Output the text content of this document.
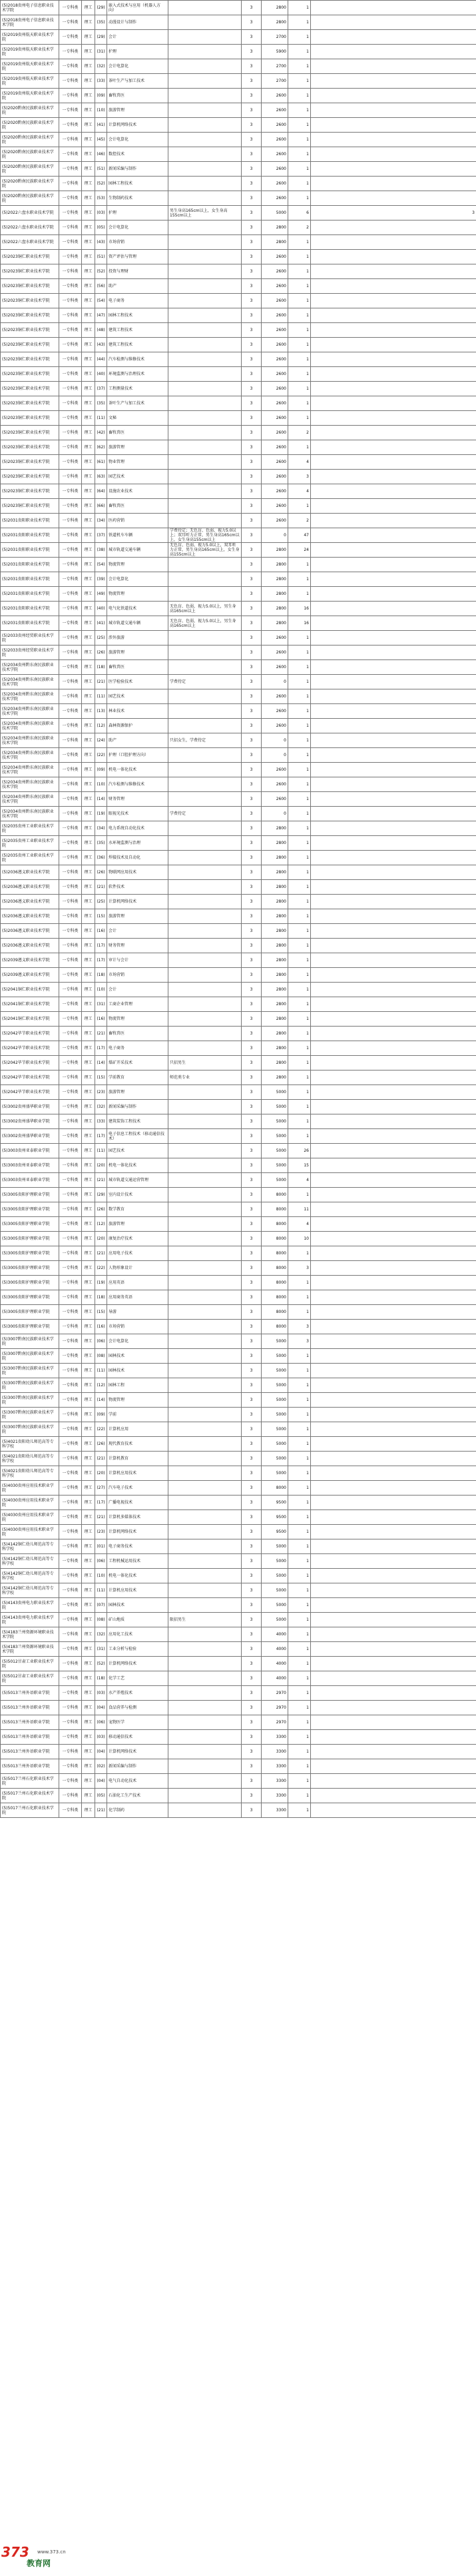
(5)2018贵州电子信息职业技术学院	一专科类	理工	(29)	嵌入式技术与应用（机器人方向）		3	2800	1	
(5)2018贵州电子信息职业技术学院	一专科类	理工	(35)	动漫设计与制作		3	2800	1	
(5)2019贵州航天职业技术学院	一专科类	理工	(29)	会计		3	2700	1	
(5)2019贵州航天职业技术学院	一专科类	理工	(31)	护理		3	5900	1	
(5)2019贵州航天职业技术学院	一专科类	理工	(32)	会计电算化		3	2700	1	
(5)2019贵州航天职业技术学院	一专科类	理工	(33)	茶叶生产与加工技术		3	2700	1	
(5)2019贵州航天职业技术学院	一专科类	理工	(09)	畜牧兽医		3	2600	1	
(5)2020黔南民族职业技术学院	一专科类	理工	(10)	旅游管理		3	2600	1	
(5)2020黔南民族职业技术学院	一专科类	理工	(41)	计算机网络技术		3	2600	1	
(5)2020黔南民族职业技术学院	一专科类	理工	(45)	会计电算化		3	2600	1	
(5)2020黔南民族职业技术学院	一专科类	理工	(46)	数控技术		3	2600	1	
(5)2020黔南民族职业技术学院	一专科类	理工	(51)	新闻采编与制作		3	2600	1	
(5)2020黔南民族职业技术学院	一专科类	理工	(52)	园林工程技术		3	2600	1	
(5)2020黔南民族职业技术学院	一专科类	理工	(53)	生物制药技术		3	2600	1	
(5)2022六盘水职业技术学院	一专科类	理工	(03)	护理	男生身高165cm以上，女生身高155cm以上	3	5000	6	3
(5)2022六盘水职业技术学院	一专科类	理工	(05)	会计电算化		3	2800	2	
(5)2022六盘水职业技术学院	一专科类	理工	(43)	市场营销		3	2800	1	
(5)2023铜仁职业技术学院	一专科类	理工	(51)	资产评估与管理		3	2600	1	
(5)2023铜仁职业技术学院	一专科类	理工	(52)	投资与理财		3	2600	1	
(5)2023铜仁职业技术学院	一专科类	理工	(56)	助产		3	2600	1	
(5)2023铜仁职业技术学院	一专科类	理工	(54)	电子商务		3	2600	1	
(5)2023铜仁职业技术学院	一专科类	理工	(47)	园林工程技术		3	2600	1	
(5)2023铜仁职业技术学院	一专科类	理工	(48)	建筑工程技术		3	2600	1	
(5)2023铜仁职业技术学院	一专科类	理工	(43)	建筑工程技术		3	2600	1	
(5)2023铜仁职业技术学院	一专科类	理工	(44)	汽车检测与维修技术		3	2600	1	
(5)2023铜仁职业技术学院	一专科类	理工	(40)	环境监测与治理技术		3	2600	1	
(5)2023铜仁职业技术学院	一专科类	理工	(37)	工程测量技术		3	2600	1	
(5)2023铜仁职业技术学院	一专科类	理工	(35)	茶叶生产与加工技术		3	2600	1	
(5)2023铜仁职业技术学院	一专科类	理工	(11)	文秘		3	2600	1	
(5)2023铜仁职业技术学院	一专科类	理工	(42)	畜牧兽医		3	2600	2	
(5)2023铜仁职业技术学院	一专科类	理工	(62)	旅游管理		3	2600	1	
(5)2023铜仁职业技术学院	一专科类	理工	(61)	物业管理		3	2600	4	
(5)2023铜仁职业技术学院	一专科类	理工	(63)	园艺技术		3	2600	3	
(5)2023铜仁职业技术学院	一专科类	理工	(64)	设施农业技术		3	2600	4	
(5)2023铜仁职业技术学院	一专科类	理工	(66)	畜牧兽医		3	2600	1	
(5)2031贵阳职业技术学院	一专科类	理工	(34)	医药营销		3	2600	2	
(5)2031贵阳职业技术学院	一专科类	理工	(37)	铁道机车车辆	学费待定；无色盲、色弱，视力5.0以上；双耳听力正常，男生身高165cm以上，女生身高155cm以上	3	0	47	
(5)2031贵阳职业技术学院	一专科类	理工	(38)	城市轨道交通车辆	无色盲、色弱，视力5.0以上，双耳听力正常，男生身高165cm以上，女生身高155cm以上	3	2800	24	
(5)2031贵阳职业技术学院	一专科类	理工	(54)	物流管理		3	2800	1	
(5)2031贵阳职业技术学院	一专科类	理工	(39)	会计电算化		3	2800	1	
(5)2031贵阳职业技术学院	一专科类	理工	(49)	物流管理		3	2800	1	
(5)2031贵阳职业技术学院	一专科类	理工	(40)	电气化铁道技术	无色盲、色弱，视力5.0以上，男生身高165cm以上	3	2800	16	
(5)2031贵阳职业技术学院	一专科类	理工	(41)	城市轨道交通车辆	无色盲、色弱，视力5.0以上，男生身高165cm以上	3	2800	16	
(5)2033贵州经贸职业技术学院	一专科类	理工	(25)	涉外旅游		3	2600	1	
(5)2033贵州经贸职业技术学院	一专科类	理工	(26)	旅游管理		3	2600	1	
(5)2034贵州黔东南民族职业技术学院	一专科类	理工	(18)	畜牧兽医		3	2600	1	
(5)2034贵州黔东南民族职业技术学院	一专科类	理工	(21)	医学检验技术	学费待定	3	0	1	
(5)2034贵州黔东南民族职业技术学院	一专科类	理工	(11)	园艺技术		3	2600	1	
(5)2034贵州黔东南民族职业技术学院	一专科类	理工	(13)	林业技术		3	2600	1	
(5)2034贵州黔东南民族职业技术学院	一专科类	理工	(12)	森林资源保护		3	2600	1	
(5)2034贵州黔东南民族职业技术学院	一专科类	理工	(24)	助产	只招女生，学费待定	3	0	1	
(5)2034贵州黔东南民族职业技术学院	一专科类	理工	(22)	护理（口腔护理方向）		3	0	1	
(5)2034贵州黔东南民族职业技术学院	一专科类	理工	(09)	机电一体化技术		3	2600	1	
(5)2034贵州黔东南民族职业技术学院	一专科类	理工	(10)	汽车检测与维修技术		3	2600	1	
(5)2034贵州黔东南民族职业技术学院	一专科类	理工	(14)	财务管理		3	2600	1	
(5)2034贵州黔东南民族职业技术学院	一专科类	理工	(19)	眼视光技术	学费待定	3	0	1	
(5)2035贵州工业职业技术学院	一专科类	理工	(34)	电力系统自动化技术		3	2800	1	
(5)2035贵州工业职业技术学院	一专科类	理工	(35)	水环境监测与治理		3	2800	1	
(5)2035贵州工业职业技术学院	一专科类	理工	(36)	焊接技术及自动化		3	2800	1	
(5)2036遵义职业技术学院	一专科类	理工	(26)	物联网应用技术		3	2800	1	
(5)2036遵义职业技术学院	一专科类	理工	(21)	软件技术		3	2800	1	
(5)2036遵义职业技术学院	一专科类	理工	(25)	计算机网络技术		3	2800	1	
(5)2036遵义职业技术学院	一专科类	理工	(15)	旅游管理		3	2800	1	
(5)2036遵义职业技术学院	一专科类	理工	(16)	会计		3	2800	1	
(5)2036遵义职业技术学院	一专科类	理工	(17)	财务管理		3	2800	1	
(5)2039遵义职业技术学院	一专科类	理工	(17)	审计与会计		3	2800	1	
(5)2039遵义职业技术学院	一专科类	理工	(18)	市场营销		3	2800	1	
(5)2041铜仁职业技术学院	一专科类	理工	(10)	会计		3	2800	1	
(5)2041铜仁职业技术学院	一专科类	理工	(31)	工商企业管理		3	2800	1	
(5)2041铜仁职业技术学院	一专科类	理工	(16)	物流管理		3	2800	1	
(5)2042毕节职业技术学院	一专科类	理工	(21)	畜牧兽医		3	2800	1	
(5)2042毕节职业技术学院	一专科类	理工	(17)	电子商务		3	2800	1	
(5)2042毕节职业技术学院	一专科类	理工	(14)	煤矿开采技术	只招男生	3	2800	1	
(5)2042毕节职业技术学院	一专科类	理工	(15)	学前教育	师范类专业	3	2800	1	
(5)2042毕节职业技术学院	一专科类	理工	(23)	旅游管理		3	5000	1	
(5)3002贵州盛华职业学院	一专科类	理工	(32)	新闻采编与制作		3	5000	1	
(5)3002贵州盛华职业学院	一专科类	理工	(33)	建筑装饰工程技术		3	5000	1	
(5)3002贵州盛华职业学院	一专科类	理工	(17)	电子信息工程技术（移动通信技术）		3	5000	1	
(5)3003贵州亚泰职业学院	一专科类	理工	(11)	园艺技术		3	5000	26	
(5)3003贵州亚泰职业学院	一专科类	理工	(20)	机电一体化技术		3	5000	15	
(5)3003贵州亚泰职业学院	一专科类	理工	(21)	城市轨道交通运营管理		3	5000	4	
(5)3005贵阳护理职业学院	一专科类	理工	(29)	室内设计技术		3	8000	1	
(5)3005贵阳护理职业学院	一专科类	理工	(26)	数学教育		3	8000	11	
(5)3005贵阳护理职业学院	一专科类	理工	(12)	旅游管理		3	8000	4	
(5)3005贵阳护理职业学院	一专科类	理工	(20)	康复治疗技术		3	8000	10	
(5)3005贵阳护理职业学院	一专科类	理工	(21)	应用电子技术		3	8000	1	
(5)3005贵阳护理职业学院	一专科类	理工	(22)	人物形象设计		3	8000	3	
(5)3005贵阳护理职业学院	一专科类	理工	(19)	应用英语		3	8000	1	
(5)3005贵阳护理职业学院	一专科类	理工	(18)	应用商务英语		3	8000	1	
(5)3005贵阳护理职业学院	一专科类	理工	(15)	导游		3	8000	1	
(5)3005贵阳护理职业学院	一专科类	理工	(16)	市场营销		3	8000	3	
(5)3007黔南民族职业技术学院	一专科类	理工	(06)	会计电算化		3	5000	3	
(5)3007黔南民族职业技术学院	一专科类	理工	(08)	园林技术		3	5000	1	
(5)3007黔南民族职业技术学院	一专科类	理工	(11)	园林技术		3	5000	1	
(5)3007黔南民族职业技术学院	一专科类	理工	(12)	园林工程		3	5000	1	
(5)3007黔南民族职业技术学院	一专科类	理工	(14)	物流管理		3	5000	1	
(5)3007黔南民族职业技术学院	一专科类	理工	(09)	学前		3	5000	1	
(5)3007黔南民族职业技术学院	一专科类	理工	(22)	计算机应用		3	5000	1	
(5)4021贵阳幼儿师范高等专科学校	一专科类	理工	(26)	现代教育技术		3	5000	1	
(5)4021贵阳幼儿师范高等专科学校	一专科类	理工	(21)	计算机教育		3	5000	1	
(5)4021贵阳幼儿师范高等专科学校	一专科类	理工	(20)	计算机应用技术		3	5000	1	
(5)4030贵州应用技术职业学院	一专科类	理工	(27)	汽车电子技术		3	8000	1	
(5)4030贵州应用技术职业学院	一专科类	理工	(17)	广播电视技术		3	9500	1	
(5)4030贵州应用技术职业学院	一专科类	理工	(21)	计算机多媒体技术		3	9500	1	
(5)4030贵州应用技术职业学院	一专科类	理工	(23)	计算机网络技术		3	9500	1	
(5)4142铜仁幼儿师范高等专科学校	一专科类	理工	(01)	电子商务技术		3	5000	1	
(5)4142铜仁幼儿师范高等专科学校	一专科类	理工	(06)	工程机械运用技术		3	5000	1	
(5)4142铜仁幼儿师范高等专科学校	一专科类	理工	(10)	机电一体化技术		3	5000	1	
(5)4142铜仁幼儿师范高等专科学校	一专科类	理工	(11)	计算机应用技术		3	5000	1	
(5)4143贵州电力职业技术学院	一专科类	理工	(07)	园林技术		3	5000	1	
(5)4143贵州电力职业技术学院	一专科类	理工	(08)	矿山地质	限招男生	3	5000	1	
(5)4183兰州资源环境职业技术学院	一专科类	理工	(32)	应用化工技术		3	4000	1	
(5)4183兰州资源环境职业技术学院	一专科类	理工	(31)	工业分析与检验		3	4000	1	
(5)5012甘肃工业职业技术学院	一专科类	理工	(52)	计算机网络技术		3	4000	1	
(5)5012甘肃工业职业技术学院	一专科类	理工	(18)	化学工艺		3	4000	1	
(5)5013兰州外语职业学院	一专科类	理工	(03)	水产养殖技术		3	2970	1	
(5)5013兰州外语职业学院	一专科类	理工	(04)	食品营养与检测		3	2970	1	
(5)5013兰州外语职业学院	一专科类	理工	(06)	宠物医学		3	2970	1	
(5)5013兰州外语职业学院	一专科类	理工	(03)	移动通信技术		3	3300	1	
(5)5013兰州外语职业学院	一专科类	理工	(04)	计算机网络技术		3	3300	1	
(5)5013兰州外语职业学院	一专科类	理工	(02)	新闻采编与制作		3	3300	1	
(5)5017兰州石化职业技术学院	一专科类	理工	(04)	电气自动化技术		3	3300	1	
(5)5017兰州石化职业技术学院	一专科类	理工	(05)	石油化工生产技术		3	3300	1	
(5)5017兰州石化职业技术学院	一专科类	理工	(21)	化学制药		3	3300	1	
373 www.373.cn
教育网
